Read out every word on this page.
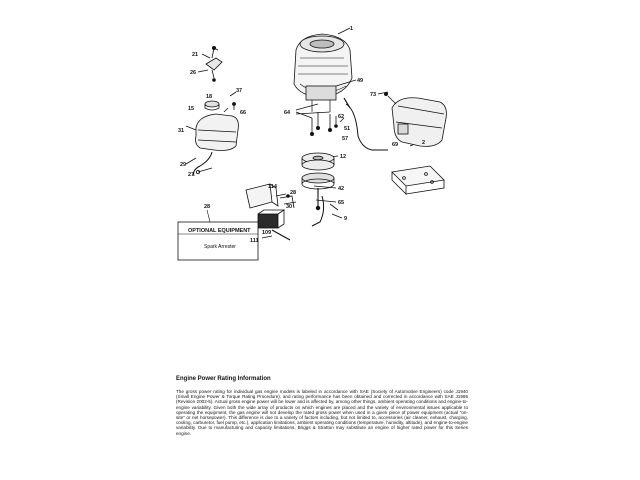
1
49
64
62
51
57
12
42
65
9
73
69	2
21
26
18
37
66
15
31
29
27
114
28
30
111
28
OPTIONAL EQUIPMENT 109
Spark Arrester
Engine Power Rating Information

The gross power rating for individual gas engine models is labeled in accordance with SAE (Society of Automotive Engineers) code J1940 (Small Engine Power & Torque Rating Procedure), and rating performance has been obtained and corrected in accordance with SAE J1995 (Revision 2002-5). Actual gross engine power will be lower and is affected by, among other things, ambient operating conditions and engine-to-engine variability. Given both the wide array of products on which engines are placed and the variety of environmental issues applicable to operating the equipment, the gas engine will not develop the rated gross power when used in a given piece of power equipment (actual "on-site" or net horsepower). This difference is due to a variety of factors including, but not limited to, accessories (air cleaner, exhaust, charging, cooling, carburetor, fuel pump, etc.), application limitations, ambient operating conditions (temperature, humidity, altitude), and engine-to-engine variability. Due to manufacturing and capacity limitations, Briggs & Stratton may substitute an engine of higher rated power for this Series engine.
